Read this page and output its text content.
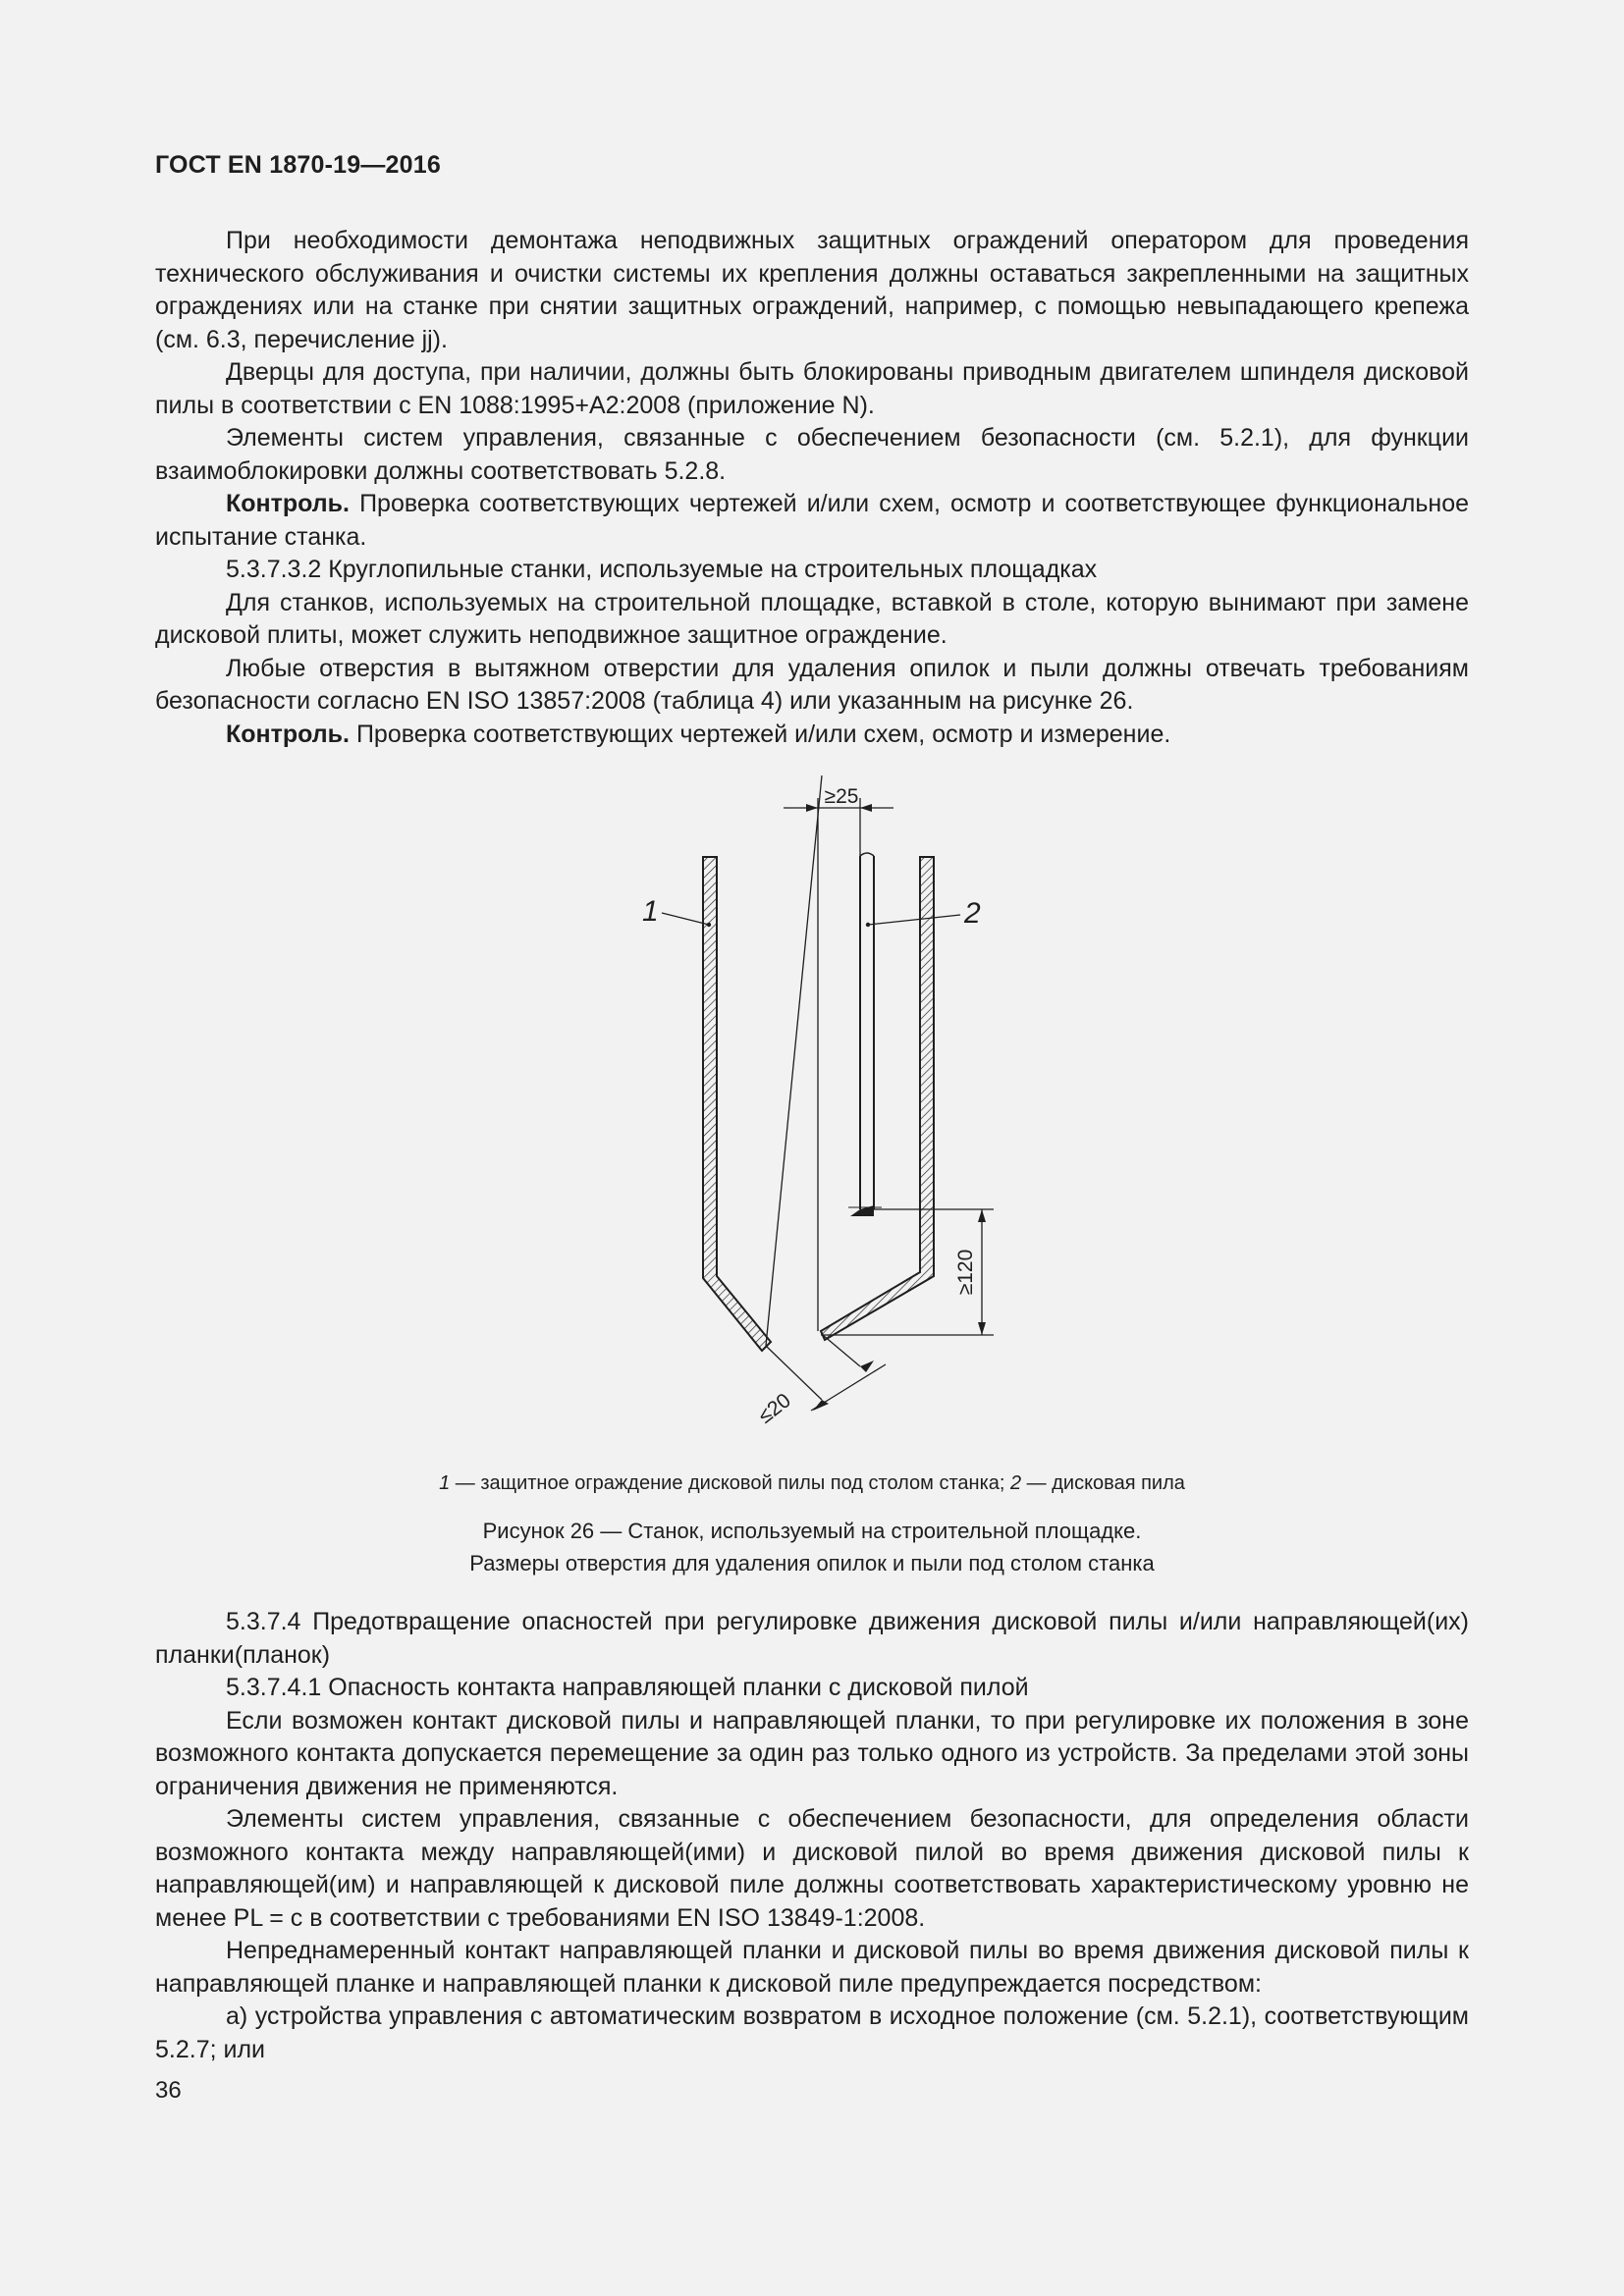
ГОСТ EN 1870-19—2016

При необходимости демонтажа неподвижных защитных ограждений оператором для проведения технического обслуживания и очистки системы их крепления должны оставаться закрепленными на защитных ограждениях или на станке при снятии защитных ограждений, например, с помощью невыпадающего крепежа (см. 6.3, перечисление jj).

Дверцы для доступа, при наличии, должны быть блокированы приводным двигателем шпинделя дисковой пилы в соответствии с EN 1088:1995+A2:2008 (приложение N).

Элементы систем управления, связанные с обеспечением безопасности (см. 5.2.1), для функции взаимоблокировки должны соответствовать 5.2.8.

Контроль. Проверка соответствующих чертежей и/или схем, осмотр и соответствующее функциональное испытание станка.

5.3.7.3.2 Круглопильные станки, используемые на строительных площадках

Для станков, используемых на строительной площадке, вставкой в столе, которую вынимают при замене дисковой плиты, может служить неподвижное защитное ограждение.

Любые отверстия в вытяжном отверстии для удаления опилок и пыли должны отвечать требованиям безопасности согласно EN ISO 13857:2008 (таблица 4) или указанным на рисунке 26.

Контроль. Проверка соответствующих чертежей и/или схем, осмотр и измерение.

≥25
≥120
≤20
1	2
1 — защитное ограждение дисковой пилы под столом станка; 2 — дисковая пила
Рисунок 26 — Станок, используемый на строительной площадке.
Размеры отверстия для удаления опилок и пыли под столом станка

5.3.7.4 Предотвращение опасностей при регулировке движения дисковой пилы и/или направляющей(их) планки(планок)

5.3.7.4.1 Опасность контакта направляющей планки с дисковой пилой

Если возможен контакт дисковой пилы и направляющей планки, то при регулировке их положения в зоне возможного контакта допускается перемещение за один раз только одного из устройств. За пределами этой зоны ограничения движения не применяются.

Элементы систем управления, связанные с обеспечением безопасности, для определения области возможного контакта между направляющей(ими) и дисковой пилой во время движения дисковой пилы к направляющей(им) и направляющей к дисковой пиле должны соответствовать характеристическому уровню не менее PL = c в соответствии с требованиями EN ISO 13849-1:2008.

Непреднамеренный контакт направляющей планки и дисковой пилы во время движения дисковой пилы к направляющей планке и направляющей планки к дисковой пиле предупреждается посредством:

a) устройства управления с автоматическим возвратом в исходное положение (см. 5.2.1), соответствующим 5.2.7; или

36
